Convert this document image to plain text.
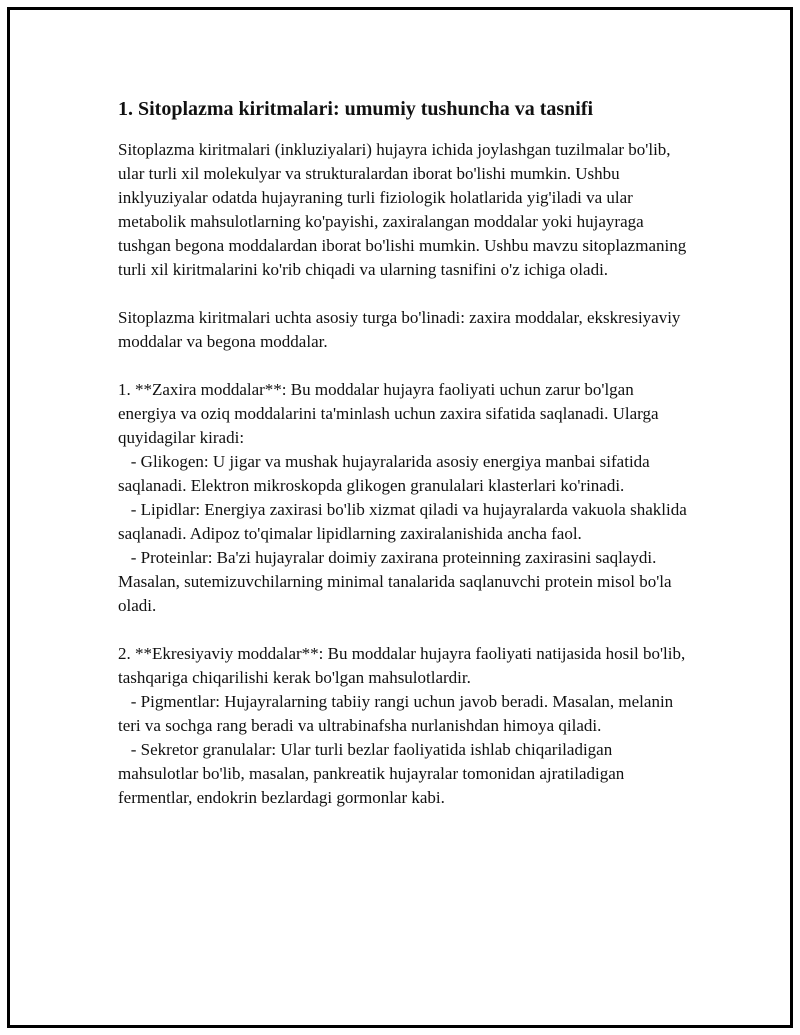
1. Sitoplazma kiritmalari: umumiy tushuncha va tasnifi

Sitoplazma kiritmalari (inkluziyalari) hujayra ichida joylashgan tuzilmalar bo'lib, ular turli xil molekulyar va strukturalardan iborat bo'lishi mumkin. Ushbu inklyuziyalar odatda hujayraning turli fiziologik holatlarida yig'iladi va ular metabolik mahsulotlarning ko'payishi, zaxiralangan moddalar yoki hujayraga tushgan begona moddalardan iborat bo'lishi mumkin. Ushbu mavzu sitoplazmaning turli xil kiritmalarini ko'rib chiqadi va ularning tasnifini o'z ichiga oladi.

Sitoplazma kiritmalari uchta asosiy turga bo'linadi: zaxira moddalar, ekskresiyaviy moddalar va begona moddalar.

1. **Zaxira moddalar**: Bu moddalar hujayra faoliyati uchun zarur bo'lgan energiya va oziq moddalarini ta'minlash uchun zaxira sifatida saqlanadi. Ularga quyidagilar kiradi:
- Glikogen: U jigar va mushak hujayralarida asosiy energiya manbai sifatida saqlanadi. Elektron mikroskopda glikogen granulalari klasterlari ko'rinadi.
- Lipidlar: Energiya zaxirasi bo'lib xizmat qiladi va hujayralarda vakuola shaklida saqlanadi. Adipoz to'qimalar lipidlarning zaxiralanishida ancha faol.
- Proteinlar: Ba'zi hujayralar doimiy zaxirana proteinning zaxirasini saqlaydi. Masalan, sutemizuvchilarning minimal tanalarida saqlanuvchi protein misol bo'la oladi.

2. **Ekresiyaviy moddalar**: Bu moddalar hujayra faoliyati natijasida hosil bo'lib, tashqariga chiqarilishi kerak bo'lgan mahsulotlardir.
- Pigmentlar: Hujayralarning tabiiy rangi uchun javob beradi. Masalan, melanin teri va sochga rang beradi va ultrabinafsha nurlanishdan himoya qiladi.
- Sekretor granulalar: Ular turli bezlar faoliyatida ishlab chiqariladigan mahsulotlar bo'lib, masalan, pankreatik hujayralar tomonidan ajratiladigan fermentlar, endokrin bezlardagi gormonlar kabi.
